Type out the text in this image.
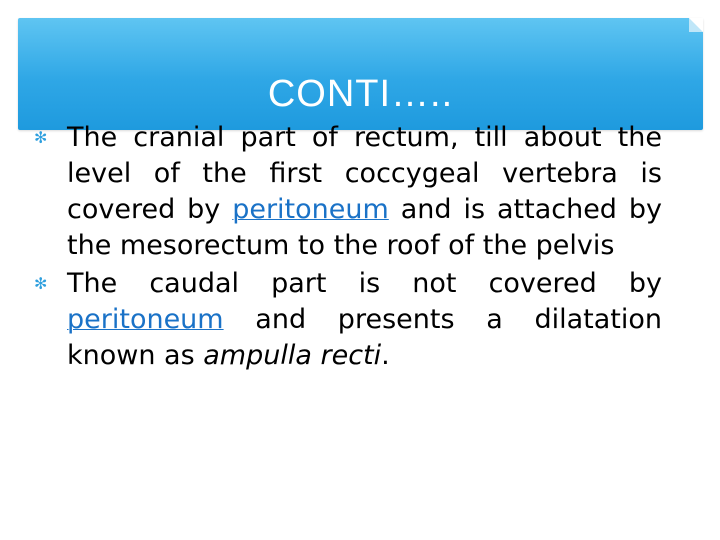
CONTI…..
✻ The cranial part of rectum, till about the level of the first coccygeal vertebra is covered by peritoneum and is attached by the mesorectum to the roof of the pelvis
✻ The caudal part is not covered by peritoneum and presents a dilatation known as ampulla recti.
